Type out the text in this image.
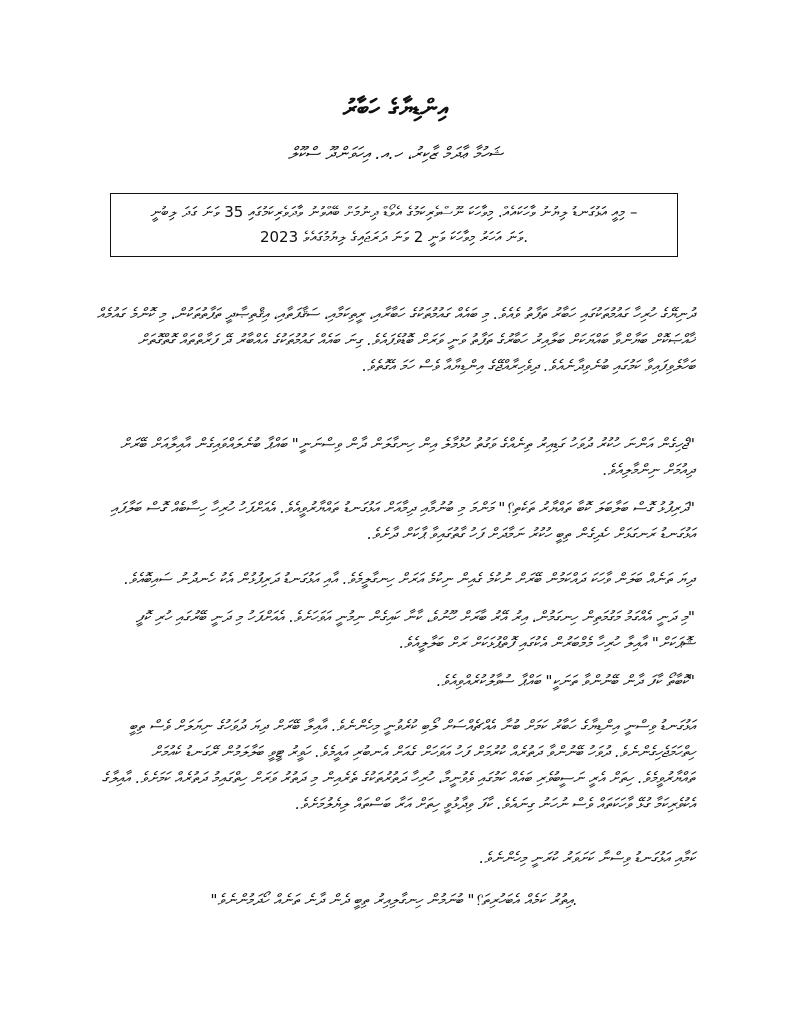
އިންޑިޔާގެ ހަބާރު
ޝަހުމާ ޢާދަމް ޒާކިރު، ހ.އ. އިހަވަންދޫ ސްކޫލް
މިއީ އަޅުގަނޑު ލިޔުނު ވާހަކައެއް. މިވާހަކަ ނޫސްވެރިކަމުގެ އެވޯޑް ދިނުމަށް ބޭއްވުނު ވާދަވެރިކަމުގައި 35 ވަނަ ގަދަ ލިބުނީ –
2023 ވަނަ އަހަރު މިވާހަކަ ވަނީ 2 ވަނަ ދަރަޖައިގެ ލިޔުމުގައެވެ.

ދުނިޔޭގެ ހުރިހާ ގައުމުތަކުގައި ހަބާރު ތަފާތު ވެއެވެ. މި ބައެއް ގައުމުތަކުގެ ހަބާރާއި، ރީތިކަމާއި، ސަޤާފަތާއި، އިޤްތިޞާދީ ތަފާތުތަކުން، މި ކޮންމެ ގައުމެއް ޚާއްޞަކޮށް ބަޔާންވާ ބައްޔަކަށް ބަލާއިރު ހަބާރުގެ ތަފާތު ވަނީ ވަރަށް ބޮޑުވެފައެވެ. ގިނަ ބައެއް ގައުމުތަކުގެ އެއްބާރު ދޭ ފަރާތްތައް ގޮތްގޮތަށް ބަހާލެވިފައިވާ ކަމުގައި ބުނެވިދާނެއެވެ. ދިވެހިރާއްޖޭގެ އިންޑިޔާއާ ވެސް ހަމަ އެގޮތެވެ.

"ޖެހިގެން އަންނަ ހުކުރު ދުވަހު ގަޑިއިރު ތިނެއްގެ ވަގުތު ހުޅުމާލެ އިން ހިނގާލަން ދާން ވިސްނަނީ" ބައްޕާ ބުނެލައްވައިގެން އާއިލާއަށް ބޭރަށް ދިއުމަށް ނިންމާލިއެވެ.

"ދަރިފުޅު ގޮސް ބަލާބަލަ ކޮބާ ތައްޔާރު ތަކެތި؟" މަންމަ މި ބުނުމާއި ދިމާއަށް އަޅުގަނޑު ތައްޔާރުވީއެވެ. އެއަށްފަހު ހުރިހާ ހިސާބެއް ގޮސް ބަލާފައި އަޅުގަނޑު ރަނގަޅަށް ހެދިގެން ތިބީ ހުކުރު ނަމާދަށް ފަހު ގާތުގައިވާ ޕާކަށް ދާށެވެ.

ދިޔަ ތަނެއް ބަލަން ވާހަކަ ދައްކަމުން ބޭރަށް ނުކުމެ ގެއިން ނިކުމެ އަރަށް ހިނގާލީމެވެ. އާއި އަޅުގަނޑު ދަރިފުޅުން އެކު ހެނދުނު ސައިބޮއެވެ.

"މި ދަނީ އެއްގަމު މަގުމަތިން ހިނގަމުން، އިރު އޭރު ބާރަށް ހޫނުވެ، ކާނާ ކައިގެން ނިމުނީ އަވަހަށެވެ. އެއަށްފަހު މި ދަނީ ބޭރުގައި ހުރި ކޮފީ ޝޮޕަކަށް" އާއިލާ ހުރިހާ މެމްބަރުން އެކުގައި ފޮތްޕުޅަކަށް ރަށް ބަލާލީއެވެ.

"ކޮބާތޯ ކާފަ ދާން ބޭނުންވާ ތަނަކީ" ބައްޕާ ސުވާލުކުރެއްވިއެވެ.

އަޅުގަނޑު ވިސްނީ އިންޑިޔާގެ ހަބާރު ކަމަށް ބުނާ އެއްޗެއްސަށް ލޯބި ކުރެވުނީ މިހެންނެވެ. އާއިލާ ބޭރަށް ދިޔަ ދުވަހުގެ ނިޔަލަށް ވެސް ތިބީ ހިތްހަމަޖެހިގެންނެވެ. ދުވަހު ބޭނުންވާ ދަތުރެއް ކުރުމަށް ފަހު އަވަހަށް ގެއަށް އެނބުރި އައީމެވެ. ހަވީރު ޓީވީ ބަލާލަމުން ރޭގަނޑު ކެއުމަށް ތައްޔާރުވީމެވެ. ހިތަށް އެރީ ނަސީބުވެރި ބައެއް ކަމުގައި ވެވުނީމާ، ހުރިހާ ދަތުރުތަކުގެ ތެރެއިން މި ދަތުރު ވަރަށް ހިތްގައިމު ދަތުރެއް ކަމަށެވެ. އާއިލާގެ އެކުވެރިކަމާ ގުޅޭ ވާހަކަތައް ވެސް ނުހަނު ގިނައެވެ. ކާފަ ވިދާޅުވީ ހިތަށް އަރާ ބަސްތައް ލިޔެލުމަށެވެ.

ކަމާއި އަޅުގަނޑު ވިސްނާ ކަށަވަރު ކުރަނީ މިހެންނެވެ.

"އިތުރު ކަމެއް އެބަހުރިތަ؟" ބުނަމުން ހިނގާލިއިރު ތިބީ ދެން ދާނެ ތަނެއް ހޯދަމުންނެވެ.
